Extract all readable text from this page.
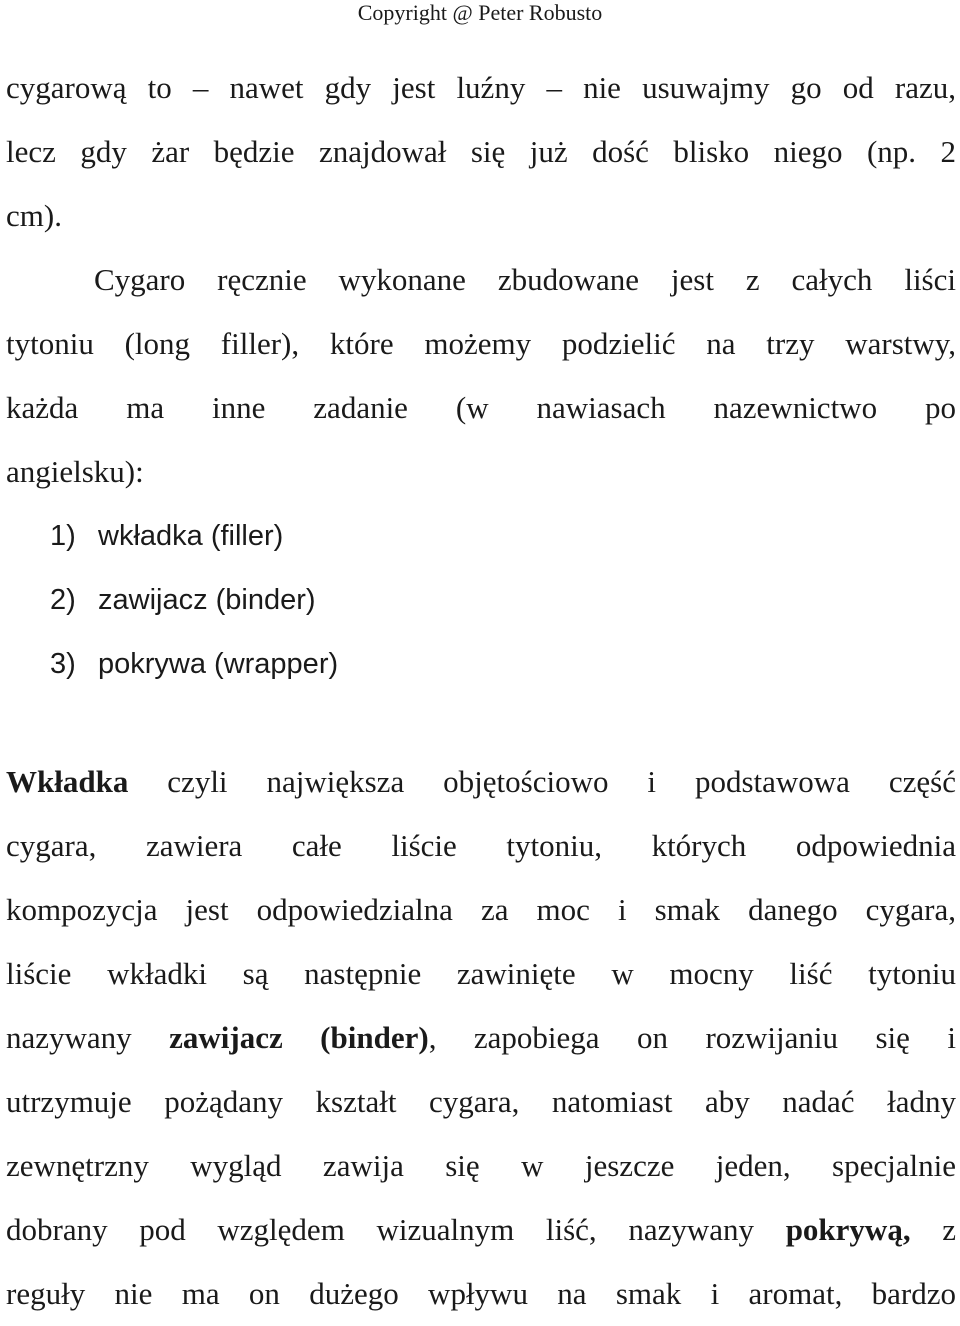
Copyright @ Peter Robusto
cygarową to – nawet gdy jest luźny – nie usuwajmy go od razu,
lecz gdy żar będzie znajdował się już dość blisko niego (np. 2
cm).
Cygaro ręcznie wykonane zbudowane jest z całych liści
tytoniu (long filler), które możemy podzielić na trzy warstwy,
każda ma inne zadanie (w nawiasach nazewnictwo po
angielsku):
1) wkładka (filler)
2) zawijacz (binder)
3) pokrywa (wrapper)
Wkładka czyli największa objętościowo i podstawowa część
cygara, zawiera całe liście tytoniu, których odpowiednia
kompozycja jest odpowiedzialna za moc i smak danego cygara,
liście wkładki są następnie zawinięte w mocny liść tytoniu
nazywany zawijacz (binder), zapobiega on rozwijaniu się i
utrzymuje pożądany kształt cygara, natomiast aby nadać ładny
zewnętrzny wygląd zawija się w jeszcze jeden, specjalnie
dobrany pod względem wizualnym liść, nazywany pokrywą, z
reguły nie ma on dużego wpływu na smak i aromat, bardzo
